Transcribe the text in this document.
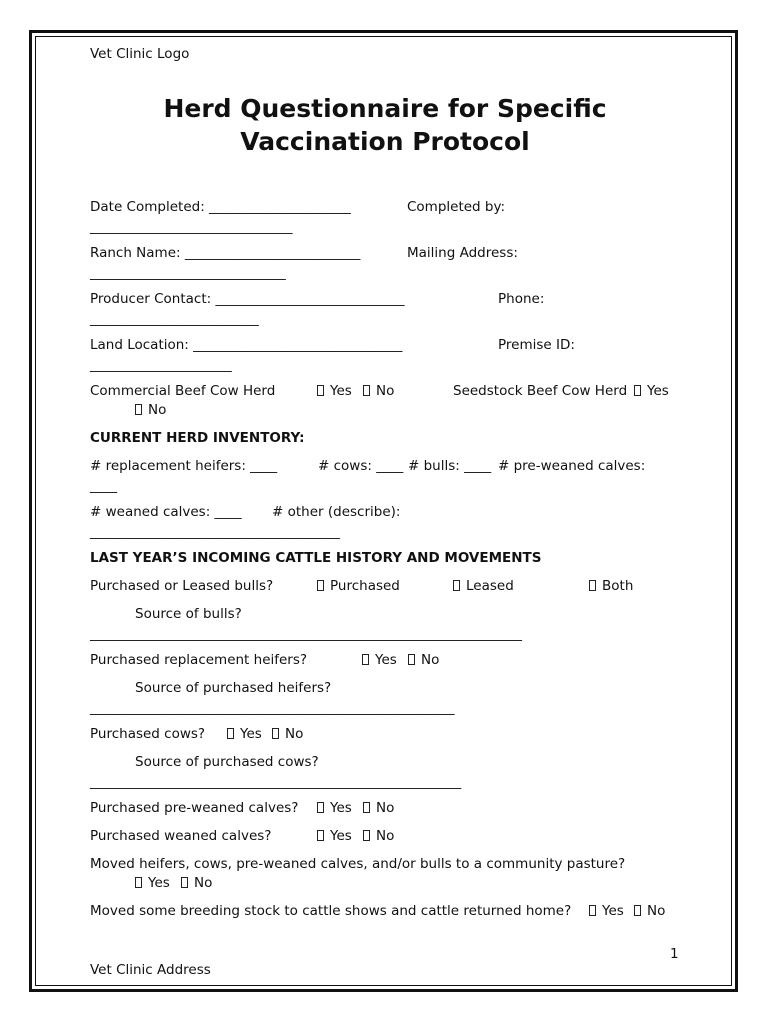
Vet Clinic Logo
Herd Questionnaire for Specific
Vaccination Protocol
Date Completed: _____________________	Completed by:
______________________________
Ranch Name: __________________________	Mailing Address:
_____________________________
Producer Contact: ____________________________	Phone:
_________________________
Land Location: _______________________________	Premise ID:
_____________________
Commercial Beef Cow Herd	Yes	No	Seedstock Beef Cow Herd	Yes
No
CURRENT HERD INVENTORY:
# replacement heifers: ____	# cows: ____ # bulls: ____ # pre-weaned calves:
____
# weaned calves: ____ # other (describe):
_____________________________________
LAST YEAR’S INCOMING CATTLE HISTORY AND MOVEMENTS
Purchased or Leased bulls?	Purchased	Leased	Both
Source of bulls?
________________________________________________________________
Purchased replacement heifers?	Yes	No
Source of purchased heifers?
______________________________________________________
Purchased cows?	Yes	No
Source of purchased cows?
_______________________________________________________
Purchased pre-weaned calves?	Yes	No
Purchased weaned calves?	Yes	No
Moved heifers, cows, pre-weaned calves, and/or bulls to a community pasture?
Yes	No
Moved some breeding stock to cattle shows and cattle returned home?	Yes	No
1
Vet Clinic Address
